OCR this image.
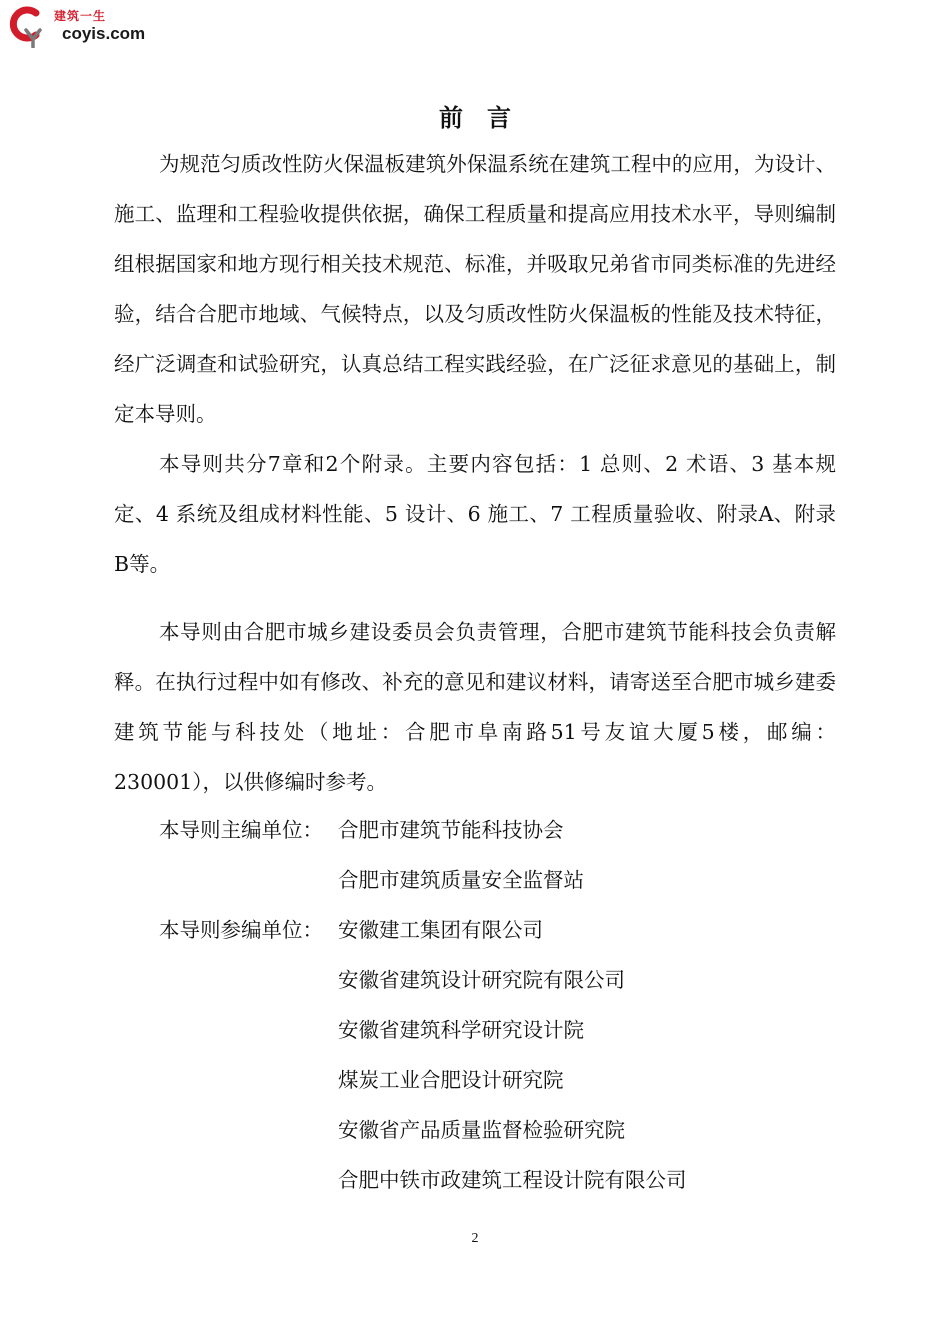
建筑一生
coyis.com
前言

为规范匀质改性防火保温板建筑外保温系统在建筑工程中的应用，为设计、施工、监理和工程验收提供依据，确保工程质量和提高应用技术水平，导则编制组根据国家和地方现行相关技术规范、标准，并吸取兄弟省市同类标准的先进经验，结合合肥市地域、气候特点，以及匀质改性防火保温板的性能及技术特征，经广泛调查和试验研究，认真总结工程实践经验，在广泛征求意见的基础上，制定本导则。

本导则共分7章和2个附录。主要内容包括：1 总则、2 术语、3 基本规定、4 系统及组成材料性能、5 设计、6 施工、7 工程质量验收、附录A、附录B等。

本导则由合肥市城乡建设委员会负责管理，合肥市建筑节能科技会负责解释。在执行过程中如有修改、补充的意见和建议材料，请寄送至合肥市城乡建委建筑节能与科技处（地址：合肥市阜南路51号友谊大厦5楼，邮编：230001），以供修编时参考。

本导则主编单位： 合肥市建筑节能科技协会
合肥市建筑质量安全监督站
本导则参编单位： 安徽建工集团有限公司
安徽省建筑设计研究院有限公司
安徽省建筑科学研究设计院
煤炭工业合肥设计研究院
安徽省产品质量监督检验研究院
合肥中铁市政建筑工程设计院有限公司
2
